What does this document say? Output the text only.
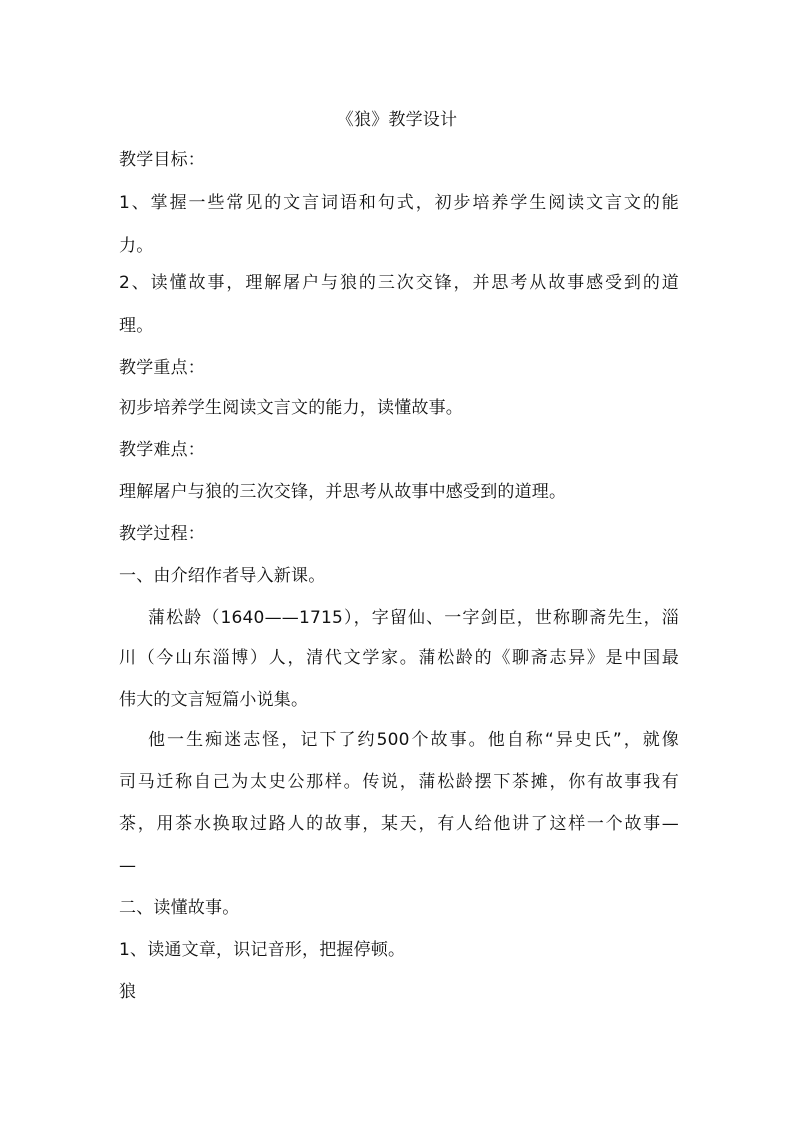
《狼》教学设计
教学目标：
1、掌握一些常见的文言词语和句式，初步培养学生阅读文言文的能
力。
2、读懂故事，理解屠户与狼的三次交锋，并思考从故事感受到的道
理。
教学重点：
初步培养学生阅读文言文的能力，读懂故事。
教学难点：
理解屠户与狼的三次交锋，并思考从故事中感受到的道理。
教学过程：
一、由介绍作者导入新课。
蒲松龄（1640——1715），字留仙、一字剑臣，世称聊斋先生，淄
川（今山东淄博）人，清代文学家。蒲松龄的《聊斋志异》是中国最
伟大的文言短篇小说集。
他一生痴迷志怪，记下了约500个故事。他自称“异史氏”，就像
司马迁称自己为太史公那样。传说，蒲松龄摆下茶摊，你有故事我有
茶，用茶水换取过路人的故事，某天，有人给他讲了这样一个故事—
—
二、读懂故事。
1、读通文章，识记音形，把握停顿。
狼
